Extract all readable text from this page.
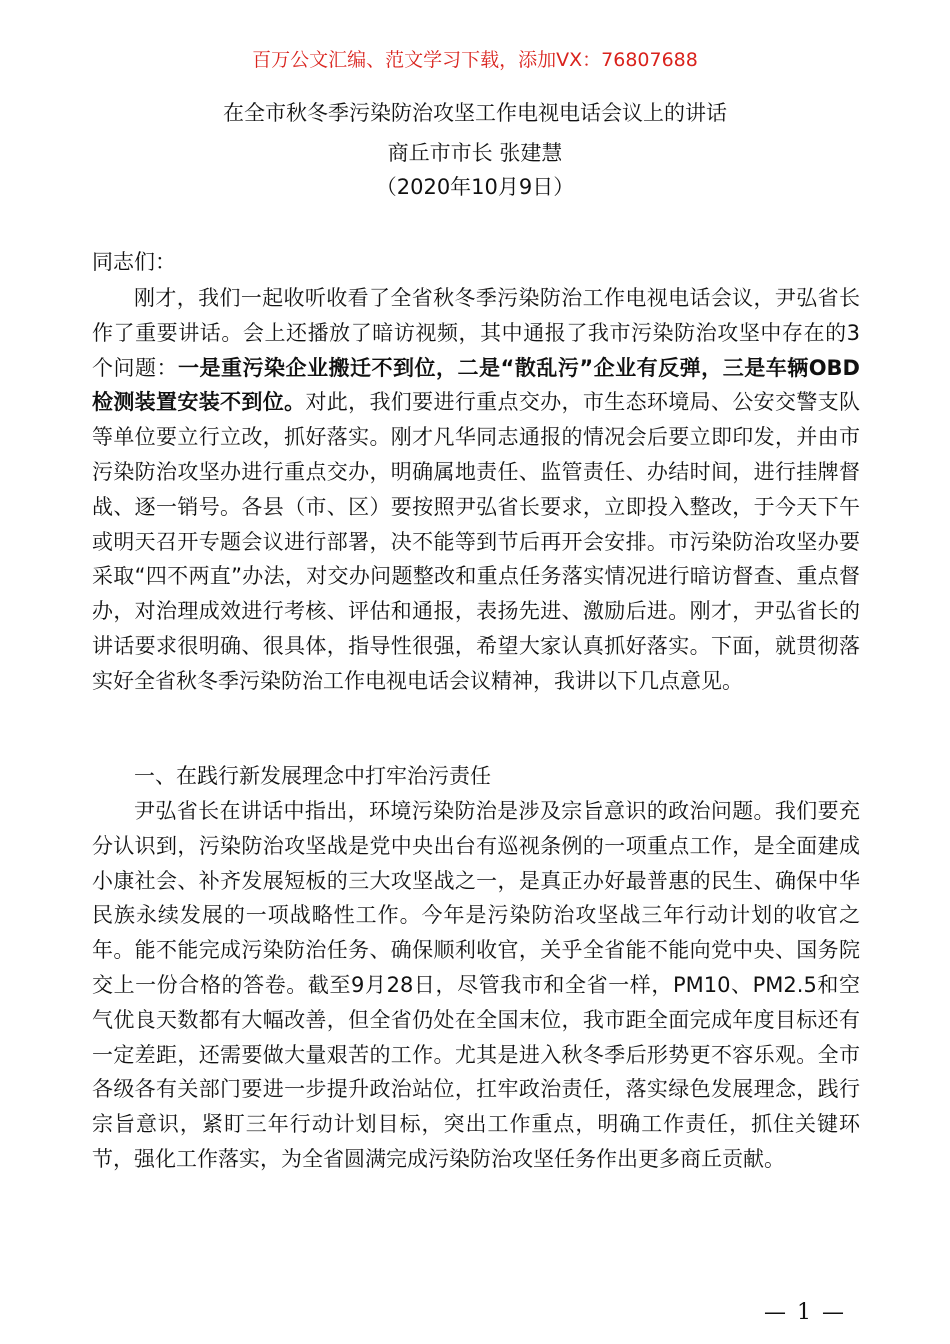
百万公文汇编、范文学习下载，添加VX：76807688
在全市秋冬季污染防治攻坚工作电视电话会议上的讲话
商丘市市长 张建慧
（2020年10月9日）
同志们：
刚才，我们一起收听收看了全省秋冬季污染防治工作电视电话会议，尹弘省长作了重要讲话。会上还播放了暗访视频，其中通报了我市污染防治攻坚中存在的3个问题：一是重污染企业搬迁不到位，二是“散乱污”企业有反弹，三是车辆OBD检测装置安装不到位。对此，我们要进行重点交办，市生态环境局、公安交警支队等单位要立行立改，抓好落实。刚才凡华同志通报的情况会后要立即印发，并由市污染防治攻坚办进行重点交办，明确属地责任、监管责任、办结时间，进行挂牌督战、逐一销号。各县（市、区）要按照尹弘省长要求，立即投入整改，于今天下午或明天召开专题会议进行部署，决不能等到节后再开会安排。市污染防治攻坚办要采取“四不两直”办法，对交办问题整改和重点任务落实情况进行暗访督查、重点督办，对治理成效进行考核、评估和通报，表扬先进、激励后进。刚才，尹弘省长的讲话要求很明确、很具体，指导性很强，希望大家认真抓好落实。下面，就贯彻落实好全省秋冬季污染防治工作电视电话会议精神，我讲以下几点意见。
一、在践行新发展理念中打牢治污责任
尹弘省长在讲话中指出，环境污染防治是涉及宗旨意识的政治问题。我们要充分认识到，污染防治攻坚战是党中央出台有巡视条例的一项重点工作，是全面建成小康社会、补齐发展短板的三大攻坚战之一，是真正办好最普惠的民生、确保中华民族永续发展的一项战略性工作。今年是污染防治攻坚战三年行动计划的收官之年。能不能完成污染防治任务、确保顺利收官，关乎全省能不能向党中央、国务院交上一份合格的答卷。截至9月28日，尽管我市和全省一样，PM10、PM2.5和空气优良天数都有大幅改善，但全省仍处在全国末位，我市距全面完成年度目标还有一定差距，还需要做大量艰苦的工作。尤其是进入秋冬季后形势更不容乐观。全市各级各有关部门要进一步提升政治站位，扛牢政治责任，落实绿色发展理念，践行宗旨意识，紧盯三年行动计划目标，突出工作重点，明确工作责任，抓住关键环节，强化工作落实，为全省圆满完成污染防治攻坚任务作出更多商丘贡献。
— 1 —
